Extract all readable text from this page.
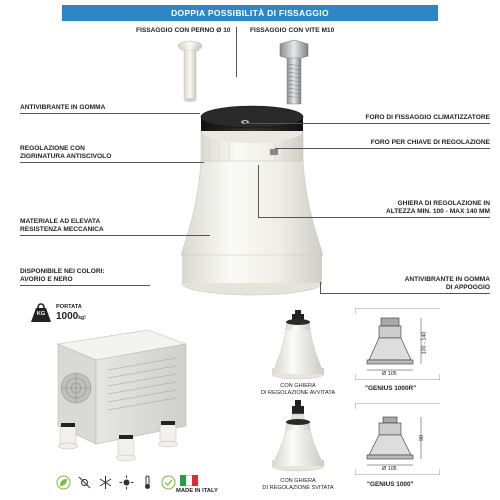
DOPPIA POSSIBILITÀ DI FISSAGGIO
FISSAGGIO CON PERNO Ø 10	FISSAGGIO CON VITE M10
ANTIVIBRANTE IN GOMMA
REGOLAZIONE CON
ZIGRINATURA ANTISCIVOLO
MATERIALE AD ELEVATA
RESISTENZA MECCANICA
DISPONIBILE NEI COLORI:
AVORIO E NERO
FORO DI FISSAGGIO CLIMATIZZATORE
FORO PER CHIAVE DI REGOLAZIONE
GHIERA DI REGOLAZIONE IN
ALTEZZA MIN. 100 - MAX 140 MM
ANTIVIBRANTE IN GOMMA
DI APPOGGIO
KG
PORTATA
1000kg!
MADE IN ITALY
CON GHIERA
DI REGOLAZIONE AVVITATA
CON GHIERA
DI REGOLAZIONE SVITATA
Ø 105
100 - 140
"GENIUS 1000R"
Ø 105
90
"GENIUS 1000"
